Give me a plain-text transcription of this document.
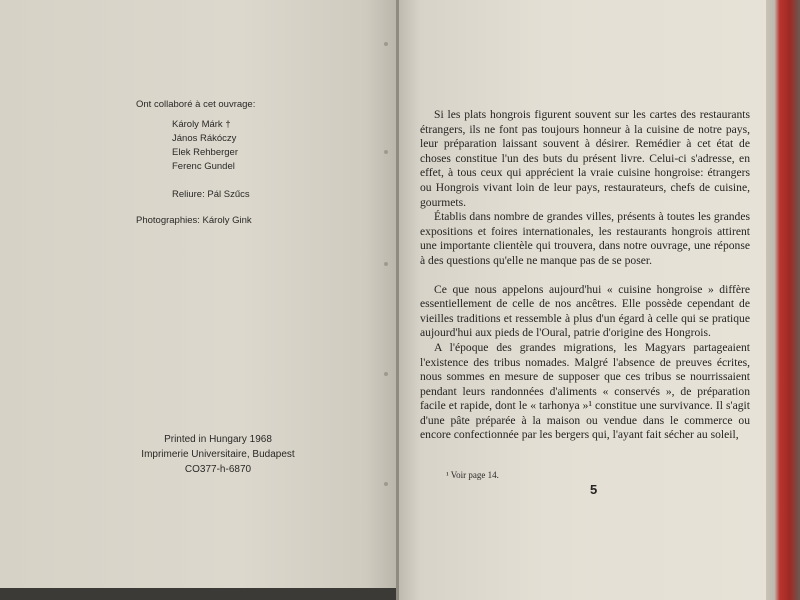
Ont collaboré à cet ouvrage:
Károly Márk †
János Rákóczy
Elek Rehberger
Ferenc Gundel
Reliure: Pál Szűcs
Photographies: Károly Gink
Printed in Hungary 1968
Imprimerie Universitaire, Budapest
CO377-h-6870

Si les plats hongrois figurent souvent sur les cartes des restaurants étrangers, ils ne font pas toujours honneur à la cuisine de notre pays, leur préparation laissant souvent à désirer. Remédier à cet état de choses constitue l'un des buts du présent livre. Celui-ci s'adresse, en effet, à tous ceux qui apprécient la vraie cuisine hongroise: étrangers ou Hongrois vivant loin de leur pays, restaurateurs, chefs de cuisine, gourmets.

Établis dans nombre de grandes villes, présents à toutes les grandes expositions et foires internationales, les restaurants hongrois attirent une importante clientèle qui trouvera, dans notre ouvrage, une réponse à des questions qu'elle ne manque pas de se poser.

Ce que nous appelons aujourd'hui « cuisine hongroise » diffère essentiellement de celle de nos ancêtres. Elle possède cependant de vieilles traditions et ressemble à plus d'un égard à celle qui se pratique aujourd'hui aux pieds de l'Oural, patrie d'origine des Hongrois.

A l'époque des grandes migrations, les Magyars partageaient l'existence des tribus nomades. Malgré l'absence de preuves écrites, nous sommes en mesure de supposer que ces tribus se nourrissaient pendant leurs randonnées d'aliments « conservés », de préparation facile et rapide, dont le « tarhonya »¹ constitue une survivance. Il s'agit d'une pâte préparée à la maison ou vendue dans le commerce ou encore confectionnée par les bergers qui, l'ayant fait sécher au soleil,

¹ Voir page 14.
5
